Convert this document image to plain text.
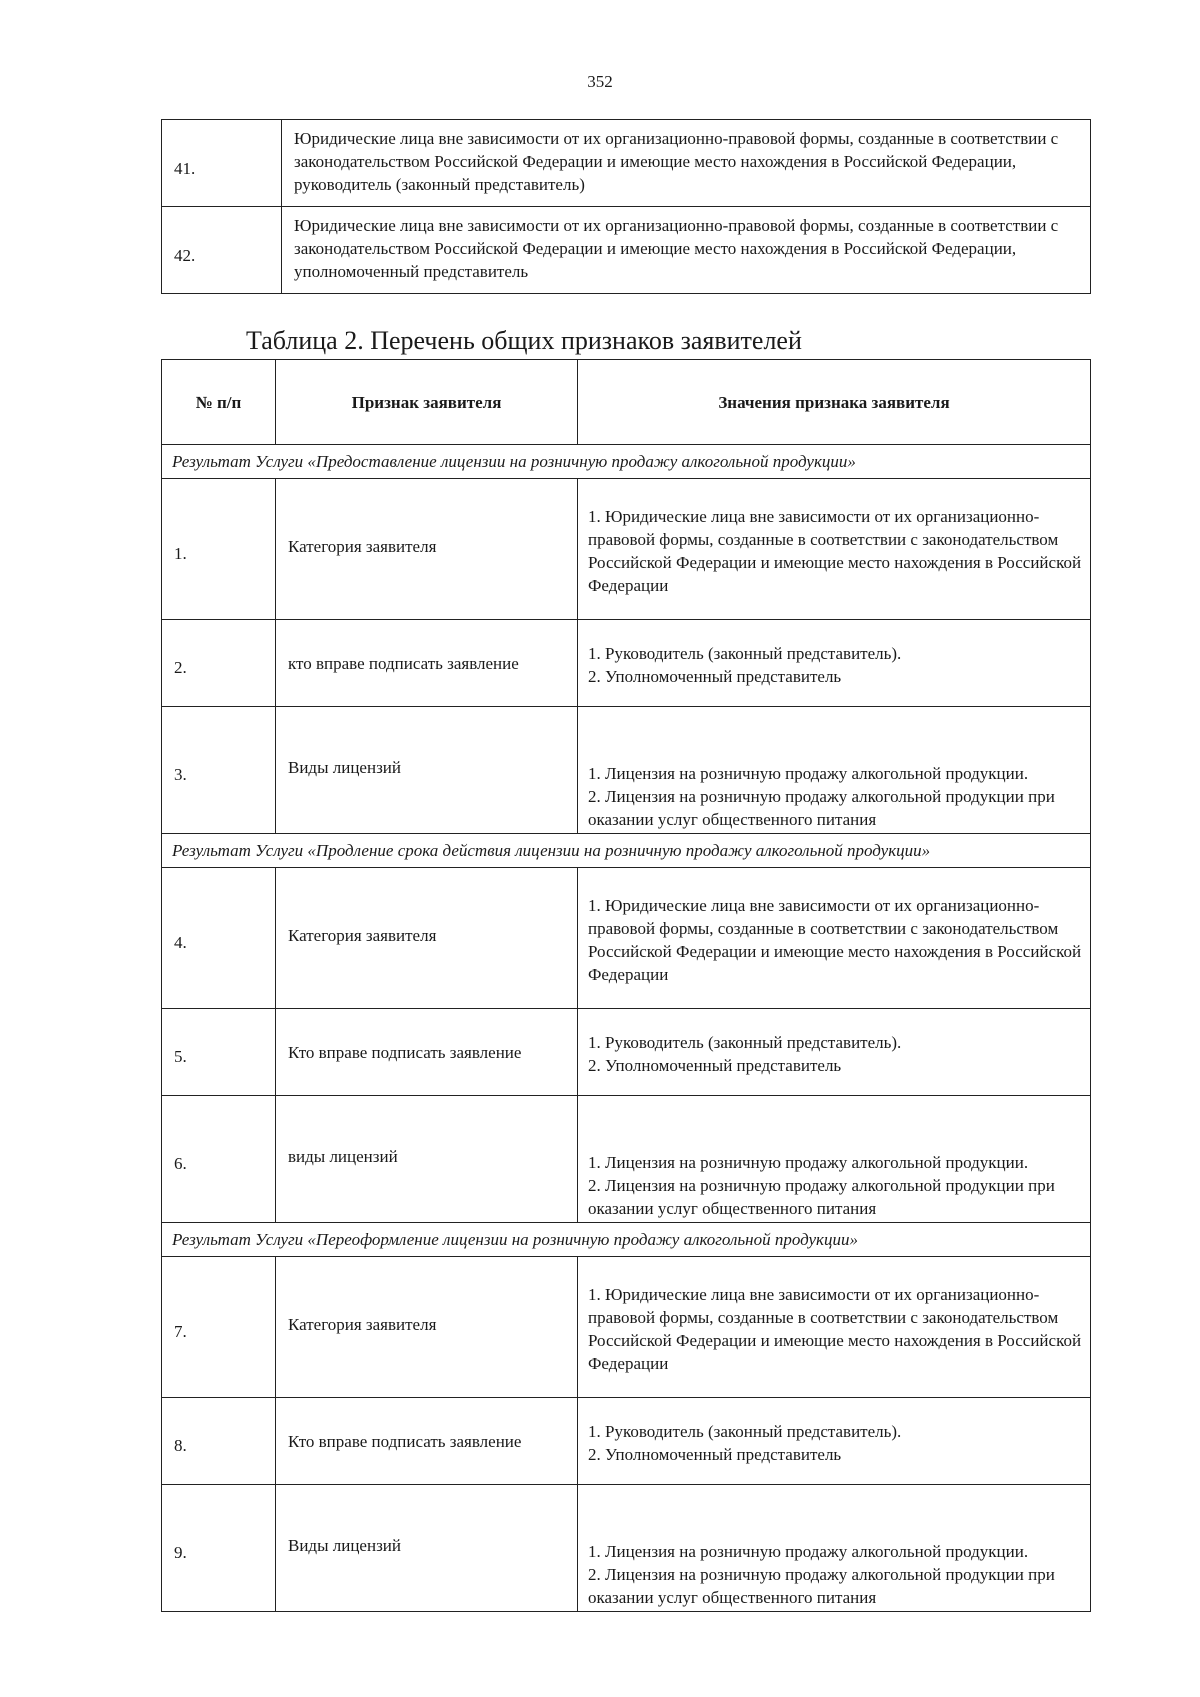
352
41.	Юридические лица вне зависимости от их организационно-правовой формы, созданные в соответствии с законодательством Российской Федерации и имеющие место нахождения в Российской Федерации, руководитель (законный представитель)
42.	Юридические лица вне зависимости от их организационно-правовой формы, созданные в соответствии с законодательством Российской Федерации и имеющие место нахождения в Российской Федерации, уполномоченный представитель
Таблица 2. Перечень общих признаков заявителей
№ п/п	Признак заявителя	Значения признака заявителя
Результат Услуги «Предоставление лицензии на розничную продажу алкогольной продукции»		
1.	Категория заявителя	1. Юридические лица вне зависимости от их организационно-правовой формы, созданные в соответствии с законодательством Российской Федерации и имеющие место нахождения в Российской Федерации

2.	кто вправе подписать заявление	1. Руководитель (законный представитель).
2. Уполномоченный представитель

3.	Виды лицензий	1. Лицензия на розничную продажу алкогольной продукции.
2. Лицензия на розничную продажу алкогольной продукции при оказании услуг общественного питания

Результат Услуги «Продление срока действия лицензии на розничную продажу алкогольной продукции»		
4.	Категория заявителя	1. Юридические лица вне зависимости от их организационно-правовой формы, созданные в соответствии с законодательством Российской Федерации и имеющие место нахождения в Российской Федерации

5.	Кто вправе подписать заявление	1. Руководитель (законный представитель).
2. Уполномоченный представитель

6.	виды лицензий	1. Лицензия на розничную продажу алкогольной продукции.
2. Лицензия на розничную продажу алкогольной продукции при оказании услуг общественного питания

Результат Услуги «Переоформление лицензии на розничную продажу алкогольной продукции»		
7.	Категория заявителя	1. Юридические лица вне зависимости от их организационно-правовой формы, созданные в соответствии с законодательством Российской Федерации и имеющие место нахождения в Российской Федерации

8.	Кто вправе подписать заявление	1. Руководитель (законный представитель).
2. Уполномоченный представитель

9.	Виды лицензий	1. Лицензия на розничную продажу алкогольной продукции.
2. Лицензия на розничную продажу алкогольной продукции при оказании услуг общественного питания
